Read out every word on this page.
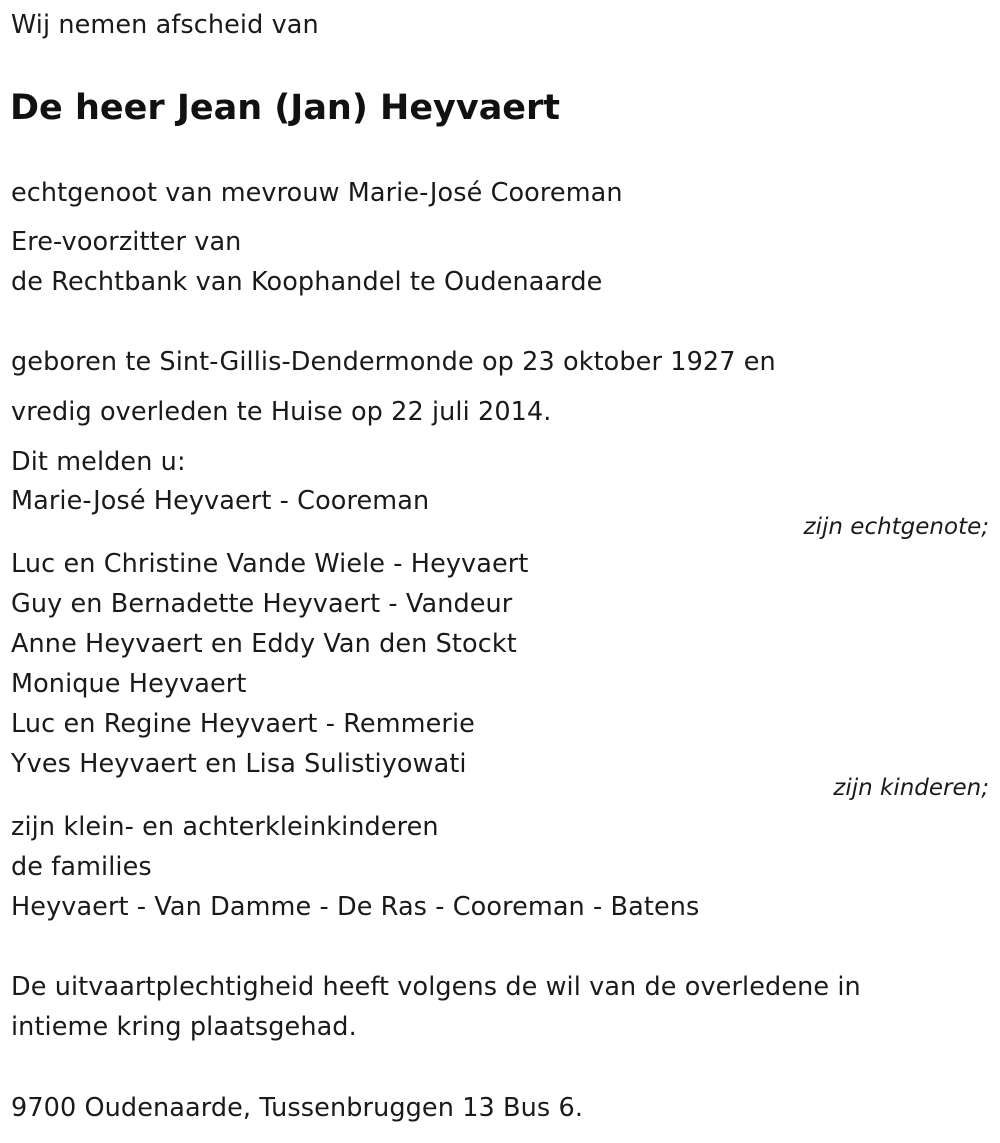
Wij nemen afscheid van
De heer Jean (Jan) Heyvaert
echtgenoot van mevrouw Marie-José Cooreman
Ere-voorzitter van
de Rechtbank van Koophandel te Oudenaarde
geboren te Sint-Gillis-Dendermonde op 23 oktober 1927 en
vredig overleden te Huise op 22 juli 2014.
Dit melden u:
Marie-José Heyvaert - Cooreman
zijn echtgenote;
Luc en Christine Vande Wiele - Heyvaert
Guy en Bernadette Heyvaert - Vandeur
Anne Heyvaert en Eddy Van den Stockt
Monique Heyvaert
Luc en Regine Heyvaert - Remmerie
Yves Heyvaert en Lisa Sulistiyowati
zijn kinderen;
zijn klein- en achterkleinkinderen
de families
Heyvaert - Van Damme - De Ras - Cooreman - Batens
De uitvaartplechtigheid heeft volgens de wil van de overledene in
intieme kring plaatsgehad.
9700 Oudenaarde, Tussenbruggen 13 Bus 6.
